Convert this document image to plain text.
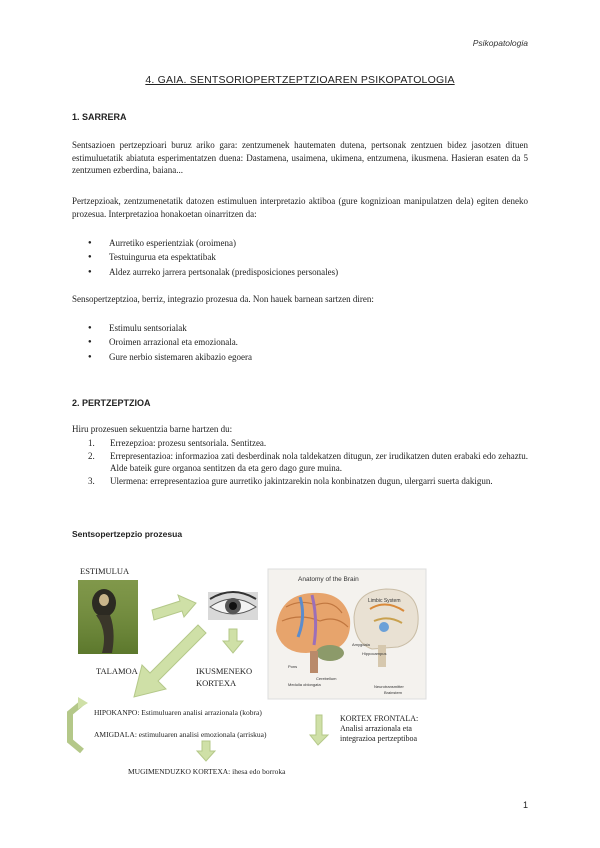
Psikopatologia
4. GAIA. SENTSORIOPERTZEPTZIOAREN PSIKOPATOLOGIA
1. SARRERA
Sentsazioen pertzepzioari buruz ariko gara: zentzumenek hautematen dutena, pertsonak zentzuen bidez jasotzen dituen estimuluetatik abiatuta esperimentatzen duena: Dastamena, usaimena, ukimena, entzumena, ikusmena. Hasieran esaten da 5 zentzumen ezberdina, baiana...
Pertzepzioak, zentzumenetatik datozen estimuluen interpretazio aktiboa (gure kognizioan manipulatzen dela) egiten deneko prozesua. Interpretazioa honakoetan oinarritzen da:
● Aurretiko esperientziak (oroimena)
● Testuingurua eta espektatibak
● Aldez aurreko jarrera pertsonalak (predisposiciones personales)
Sensopertzeptzioa, berriz, integrazio prozesua da. Non hauek barnean sartzen diren:
● Estimulu sentsorialak
● Oroimen arrazional eta emozionala.
● Gure nerbio sistemaren akibazio egoera
2. PERTZEPTZIOA
Hiru prozesuen sekuentzia barne hartzen du:
1. Errezepzioa: prozesu sentsoriala. Sentitzea.
2. Errepresentazioa: informazioa zati desberdinak nola taldekatzen ditugun, zer irudikatzen duten erabaki edo zehaztu. Alde bateik gure organoa sentitzen da eta gero dago gure muina.
3. Ulermena: errepresentazioa gure aurretiko jakintzarekin nola konbinatzen dugun, ulergarri suerta dakigun.
Sentsopertzepzio prozesua
ESTIMULUA
TALAMOA	IKUSMENEKO
KORTEXA
HIPOKANPO: Estimuluaren analisi arrazionala (kobra)
AMIGDALA: estimuluaren analisi emozionala (arriskua)
MUGIMENDUZKO KORTEXA: ihesa edo borroka
KORTEX FRONTALA:
Analisi arrazionala eta
integrazioa pertzeptiboa
Anatomy of the Brain
Limbic System
Cerebellum
Amygdala
Hippocampus
Pons
Medulla oblongata	Neurotransmitter
Brainstem
1
